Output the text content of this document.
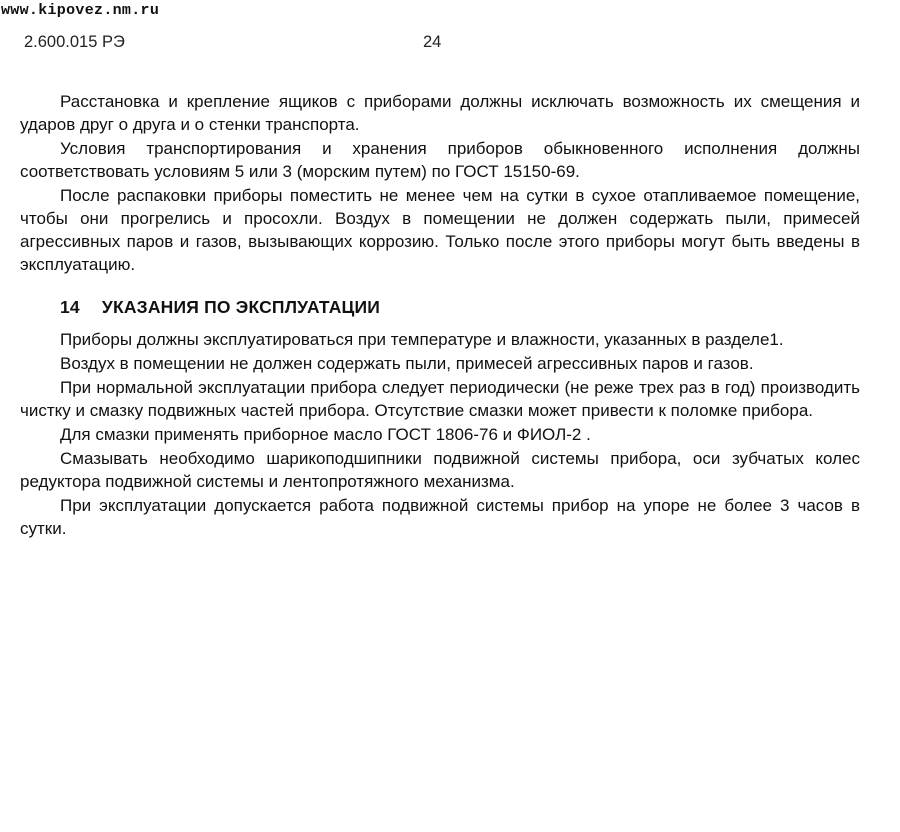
www.kipovez.nm.ru
2.600.015 РЭ	24

Расстановка и крепление ящиков с приборами должны исключать возможность их смещения и ударов друг о друга и о стенки транспорта.

Условия транспортирования и хранения приборов обыкновенного исполнения должны соответствовать условиям 5 или 3 (морским путем) по ГОСТ 15150-69.

После распаковки приборы поместить не менее чем на сутки в сухое отапливаемое помещение, чтобы они прогрелись и просохли. Воздух в помещении не должен содержать пыли, примесей агрессивных паров и газов, вызывающих коррозию. Только после этого приборы могут быть введены в эксплуатацию.

14 УКАЗАНИЯ ПО ЭКСПЛУАТАЦИИ

Приборы должны эксплуатироваться при температуре и влажности, указанных в разделе1.

Воздух в помещении не должен содержать пыли, примесей агрессивных паров и газов.

При нормальной эксплуатации прибора следует периодически (не реже трех раз в год) производить чистку и смазку подвижных частей прибора. Отсутствие смазки может привести к поломке прибора.

Для смазки применять приборное масло ГОСТ 1806-76 и ФИОЛ-2 .

Смазывать необходимо шарикоподшипники подвижной системы прибора, оси зубчатых колес редуктора подвижной системы и лентопротяжного механизма.

При эксплуатации допускается работа подвижной системы прибор на упоре не более 3 часов в сутки.
